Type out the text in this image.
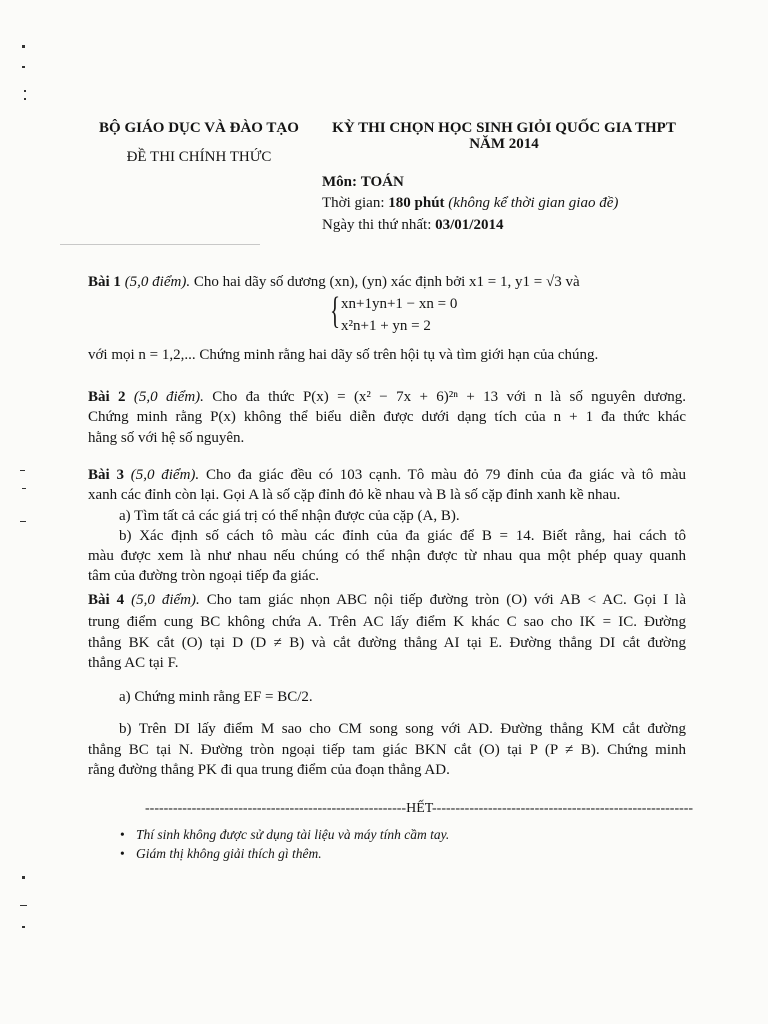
BỘ GIÁO DỤC VÀ ĐÀO TẠO
ĐỀ THI CHÍNH THỨC
KỲ THI CHỌN HỌC SINH GIỎI QUỐC GIA THPT
NĂM 2014
Môn: TOÁN
Thời gian: 180 phút (không kể thời gian giao đề)
Ngày thi thứ nhất: 03/01/2014
Bài 1 (5,0 điểm). Cho hai dãy số dương (xn), (yn) xác định bởi x1 = 1, y1 = √3 và
{ xn+1yn+1 − xn = 0
x²n+1 + yn = 2
với mọi n = 1,2,... Chứng minh rằng hai dãy số trên hội tụ và tìm giới hạn của chúng.
Bài 2 (5,0 điểm). Cho đa thức P(x) = (x² − 7x + 6)²ⁿ + 13 với n là số nguyên dương.
Chứng minh rằng P(x) không thể biểu diễn được dưới dạng tích của n + 1 đa thức khác
hằng số với hệ số nguyên.
Bài 3 (5,0 điểm). Cho đa giác đều có 103 cạnh. Tô màu đỏ 79 đỉnh của đa giác và tô màu
xanh các đỉnh còn lại. Gọi A là số cặp đỉnh đỏ kề nhau và B là số cặp đỉnh xanh kề nhau.
a) Tìm tất cả các giá trị có thể nhận được của cặp (A, B).
b) Xác định số cách tô màu các đỉnh của đa giác để B = 14. Biết rằng, hai cách tô
màu được xem là như nhau nếu chúng có thể nhận được từ nhau qua một phép quay quanh
tâm của đường tròn ngoại tiếp đa giác.
Bài 4 (5,0 điểm). Cho tam giác nhọn ABC nội tiếp đường tròn (O) với AB < AC. Gọi I là
trung điểm cung BC không chứa A. Trên AC lấy điểm K khác C sao cho IK = IC. Đường
thẳng BK cắt (O) tại D (D ≠ B) và cắt đường thẳng AI tại E. Đường thẳng DI cắt đường
thẳng AC tại F.
a) Chứng minh rằng EF = BC/2.
b) Trên DI lấy điểm M sao cho CM song song với AD. Đường thẳng KM cắt đường
thẳng BC tại N. Đường tròn ngoại tiếp tam giác BKN cắt (O) tại P (P ≠ B). Chứng minh
rằng đường thẳng PK đi qua trung điểm của đoạn thẳng AD.
--------------------------------------------------------HẾT--------------------------------------------------------
• Thí sinh không được sử dụng tài liệu và máy tính cầm tay.
• Giám thị không giải thích gì thêm.
